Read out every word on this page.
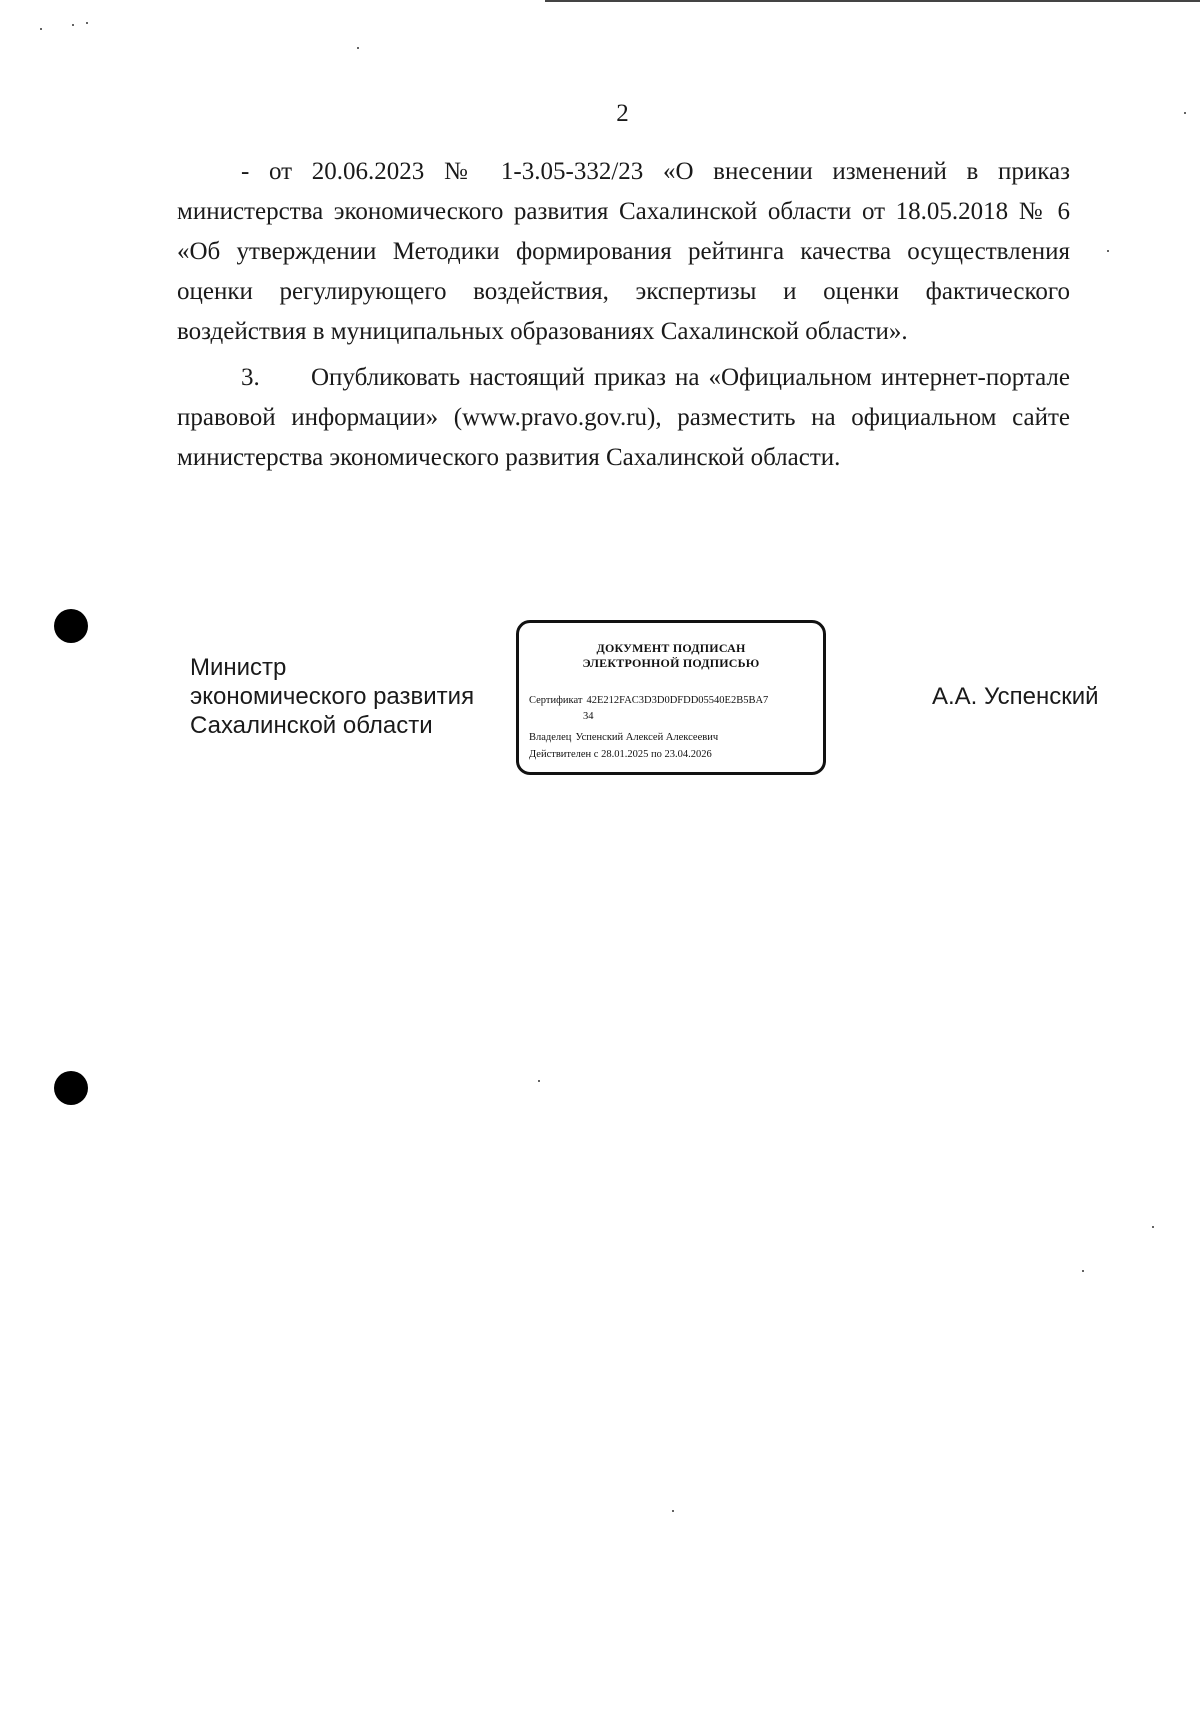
2

- от 20.06.2023 № 1-3.05-332/23 «О внесении изменений в приказ министерства экономического развития Сахалинской области от 18.05.2018 № 6 «Об утверждении Методики формирования рейтинга качества осуществления оценки регулирующего воздействия, экспертизы и оценки фактического воздействия в муниципальных образованиях Сахалинской области».

3. Опубликовать настоящий приказ на «Официальном интернет-портале правовой информации» (www.pravo.gov.ru), разместить на официальном сайте министерства экономического развития Сахалинской области.

Министр
экономического развития
Сахалинской области
ДОКУМЕНТ ПОДПИСАН
ЭЛЕКТРОННОЙ ПОДПИСЬЮ
Сертификат 42E212FAC3D3D0DFDD05540E2B5BA7
34
Владелец Успенский Алексей Алексеевич
Действителен с 28.01.2025 по 23.04.2026
А.А. Успенский
